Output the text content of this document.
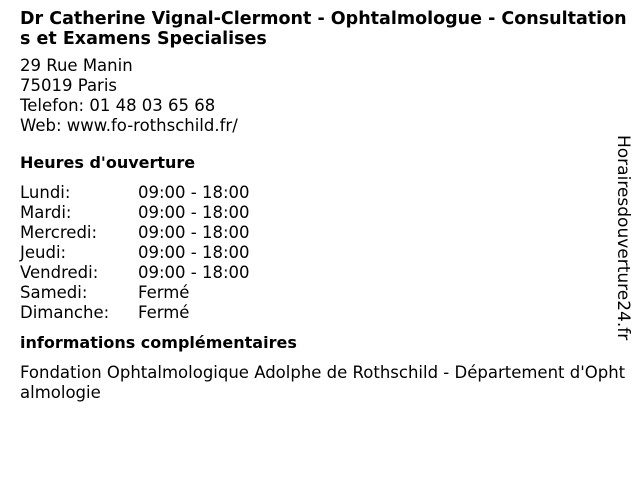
Dr Catherine Vignal-Clermont - Ophtalmologue - Consultations et Examens Specialises
29 Rue Manin
75019 Paris
Telefon: 01 48 03 65 68
Web: www.fo-rothschild.fr/
Heures d'ouverture
Lundi:	09:00 - 18:00
Mardi:	09:00 - 18:00
Mercredi:	09:00 - 18:00
Jeudi:	09:00 - 18:00
Vendredi:	09:00 - 18:00
Samedi:	Fermé
Dimanche:	Fermé
informations complémentaires
Fondation Ophtalmologique Adolphe de Rothschild - Département d'Ophtalmologie
Horairesdouverture24.fr
